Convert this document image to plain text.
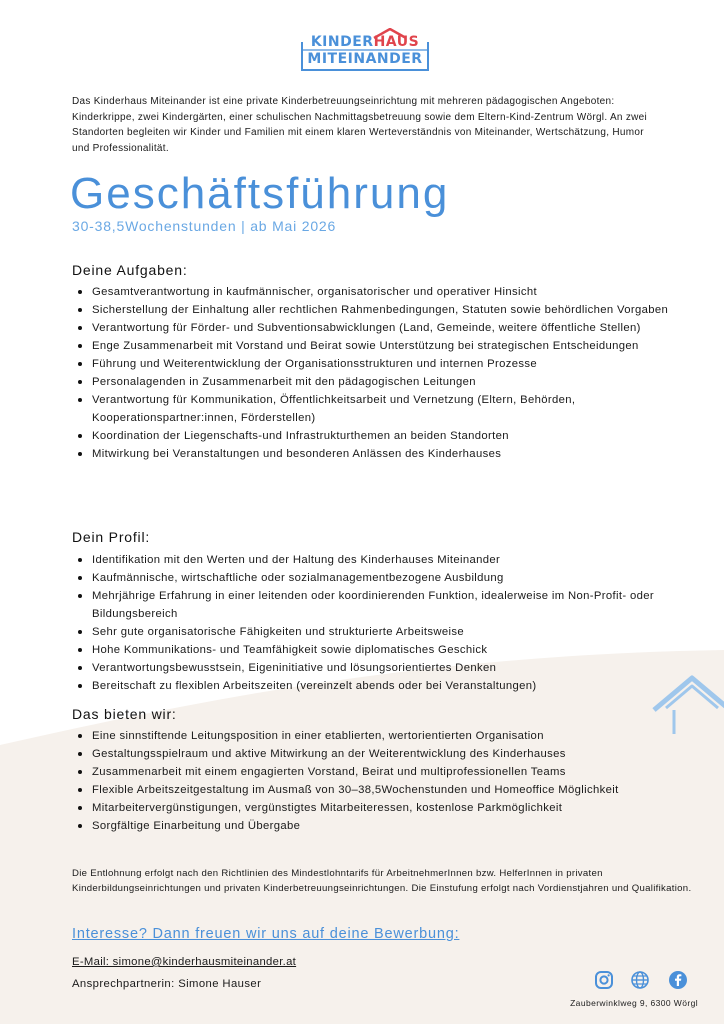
KINDERHAUS
MITEINANDER
Das Kinderhaus Miteinander ist eine private Kinderbetreuungseinrichtung mit mehreren pädagogischen Angeboten: Kinderkrippe, zwei Kindergärten, einer schulischen Nachmittagsbetreuung sowie dem Eltern-Kind-Zentrum Wörgl. An zwei Standorten begleiten wir Kinder und Familien mit einem klaren Werteverständnis von Miteinander, Wertschätzung, Humor und Professionalität.
Geschäftsführung
30-38,5Wochenstunden | ab Mai 2026
Deine Aufgaben:
Gesamtverantwortung in kaufmännischer, organisatorischer und operativer Hinsicht
Sicherstellung der Einhaltung aller rechtlichen Rahmenbedingungen, Statuten sowie behördlichen Vorgaben
Verantwortung für Förder- und Subventionsabwicklungen (Land, Gemeinde, weitere öffentliche Stellen)
Enge Zusammenarbeit mit Vorstand und Beirat sowie Unterstützung bei strategischen Entscheidungen
Führung und Weiterentwicklung der Organisationsstrukturen und internen Prozesse
Personalagenden in Zusammenarbeit mit den pädagogischen Leitungen
Verantwortung für Kommunikation, Öffentlichkeitsarbeit und Vernetzung (Eltern, Behörden, Kooperationspartner:innen, Förderstellen)
Koordination der Liegenschafts-und Infrastrukturthemen an beiden Standorten
Mitwirkung bei Veranstaltungen und besonderen Anlässen des Kinderhauses
Dein Profil:
Identifikation mit den Werten und der Haltung des Kinderhauses Miteinander
Kaufmännische, wirtschaftliche oder sozialmanagementbezogene Ausbildung
Mehrjährige Erfahrung in einer leitenden oder koordinierenden Funktion, idealerweise im Non-Profit- oder Bildungsbereich
Sehr gute organisatorische Fähigkeiten und strukturierte Arbeitsweise
Hohe Kommunikations- und Teamfähigkeit sowie diplomatisches Geschick
Verantwortungsbewusstsein, Eigeninitiative und lösungsorientiertes Denken
Bereitschaft zu flexiblen Arbeitszeiten (vereinzelt abends oder bei Veranstaltungen)
Das bieten wir:
Eine sinnstiftende Leitungsposition in einer etablierten, wertorientierten Organisation
Gestaltungsspielraum und aktive Mitwirkung an der Weiterentwicklung des Kinderhauses
Zusammenarbeit mit einem engagierten Vorstand, Beirat und multiprofessionellen Teams
Flexible Arbeitszeitgestaltung im Ausmaß von 30–38,5Wochenstunden und Homeoffice Möglichkeit
Mitarbeitervergünstigungen, vergünstigtes Mitarbeiteressen, kostenlose Parkmöglichkeit
Sorgfältige Einarbeitung und Übergabe
Die Entlohnung erfolgt nach den Richtlinien des Mindestlohntarifs für ArbeitnehmerInnen bzw. HelferInnen in privaten Kinderbildungseinrichtungen und privaten Kinderbetreuungseinrichtungen. Die Einstufung erfolgt nach Vordienstjahren und Qualifikation.
Interesse? Dann freuen wir uns auf deine Bewerbung:
E-Mail: simone@kinderhausmiteinander.at
Ansprechpartnerin: Simone Hauser
Zauberwinklweg 9, 6300 Wörgl
